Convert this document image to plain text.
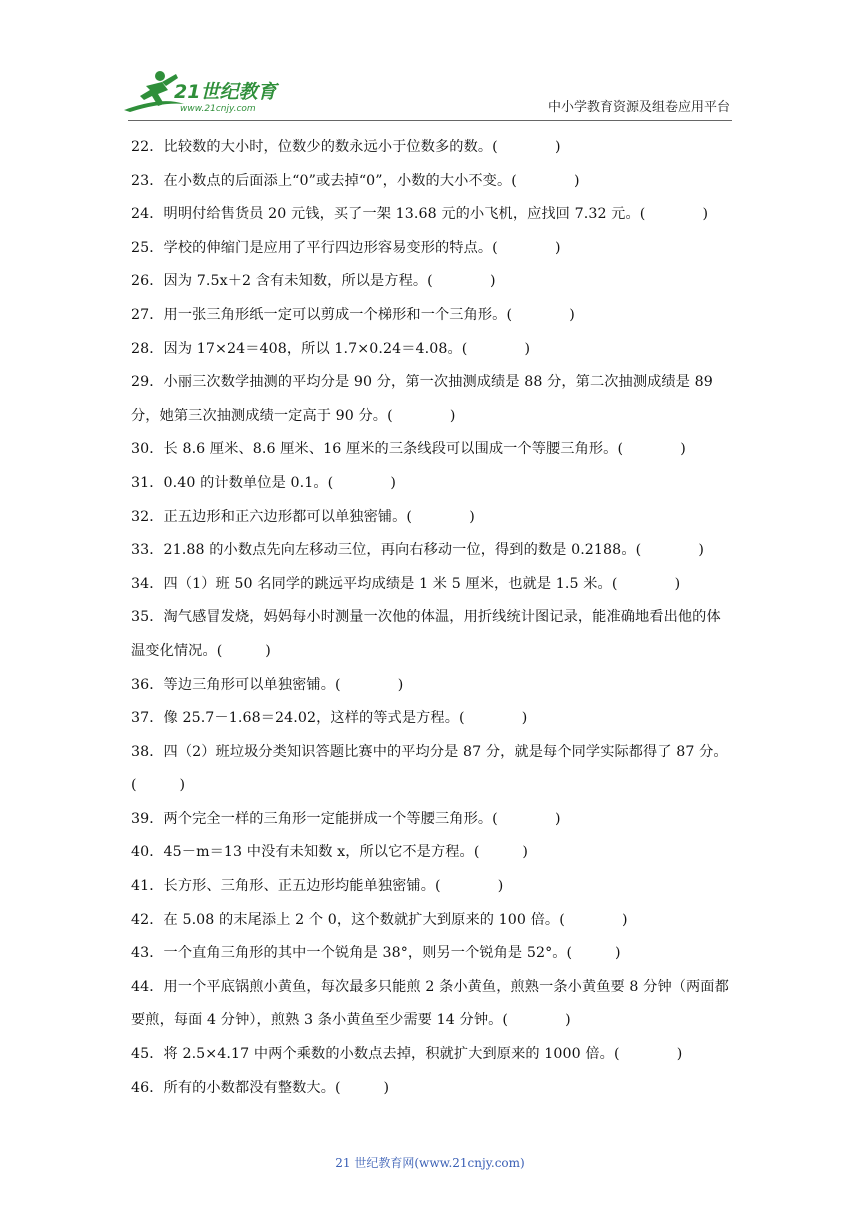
21世纪教育
www.21cnjy.com	中小学教育资源及组卷应用平台

22．比较数的大小时，位数少的数永远小于位数多的数。(　　　　)

23．在小数点的后面添上“0”或去掉“0”，小数的大小不变。(　　　　)

24．明明付给售货员 20 元钱，买了一架 13.68 元的小飞机，应找回 7.32 元。(　　　　)

25．学校的伸缩门是应用了平行四边形容易变形的特点。(　　　　)

26．因为 7.5x＋2 含有未知数，所以是方程。(　　　　)

27．用一张三角形纸一定可以剪成一个梯形和一个三角形。(　　　　)

28．因为 17×24＝408，所以 1.7×0.24＝4.08。(　　　　)

29．小丽三次数学抽测的平均分是 90 分，第一次抽测成绩是 88 分，第二次抽测成绩是 89 分，她第三次抽测成绩一定高于 90 分。(　　　　)

30．长 8.6 厘米、8.6 厘米、16 厘米的三条线段可以围成一个等腰三角形。(　　　　)

31．0.40 的计数单位是 0.1。(　　　　)

32．正五边形和正六边形都可以单独密铺。(　　　　)

33．21.88 的小数点先向左移动三位，再向右移动一位，得到的数是 0.2188。(　　　　)

34．四（1）班 50 名同学的跳远平均成绩是 1 米 5 厘米，也就是 1.5 米。(　　　　)

35．淘气感冒发烧，妈妈每小时测量一次他的体温，用折线统计图记录，能准确地看出他的体温变化情况。(　　　)

36．等边三角形可以单独密铺。(　　　　)

37．像 25.7－1.68＝24.02，这样的等式是方程。(　　　　)

38．四（2）班垃圾分类知识答题比赛中的平均分是 87 分，就是每个同学实际都得了 87 分。(　　　)

39．两个完全一样的三角形一定能拼成一个等腰三角形。(　　　　)

40．45－m＝13 中没有未知数 x，所以它不是方程。(　　　)

41．长方形、三角形、正五边形均能单独密铺。(　　　　)

42．在 5.08 的末尾添上 2 个 0，这个数就扩大到原来的 100 倍。(　　　　)

43．一个直角三角形的其中一个锐角是 38°，则另一个锐角是 52°。(　　　)

44．用一个平底锅煎小黄鱼，每次最多只能煎 2 条小黄鱼，煎熟一条小黄鱼要 8 分钟（两面都要煎，每面 4 分钟），煎熟 3 条小黄鱼至少需要 14 分钟。(　　　　)

45．将 2.5×4.17 中两个乘数的小数点去掉，积就扩大到原来的 1000 倍。(　　　　)

46．所有的小数都没有整数大。(　　　)

21 世纪教育网(www.21cnjy.com)
